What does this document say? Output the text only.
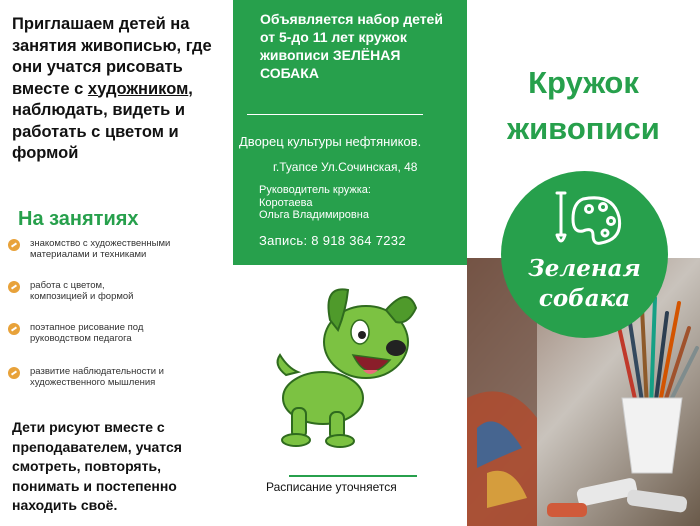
Приглашаем детей на занятия живописью, где они учатся рисовать вместе с художником, наблюдать, видеть и работать с цветом и формой
На занятиях
знакомство с художественными материалами и техниками
работа с цветом, композицией и формой
поэтапное рисование под руководством педагога
развитие наблюдательности и художественного мышления
Дети рисуют вместе с преподавателем, учатся смотреть, повторять, понимать и постепенно находить своё.
Объявляется набор детей от 5-до 11 лет кружок живописи ЗЕЛЁНАЯ СОБАКА
Дворец культуры нефтяников.
г.Туапсе Ул.Сочинская, 48
Руководитель кружка:
Коротаева
Ольга Владимировна
Запись: 8 918 364 7232
Расписание уточняется
Кружок
живописи
Зеленая
собака
